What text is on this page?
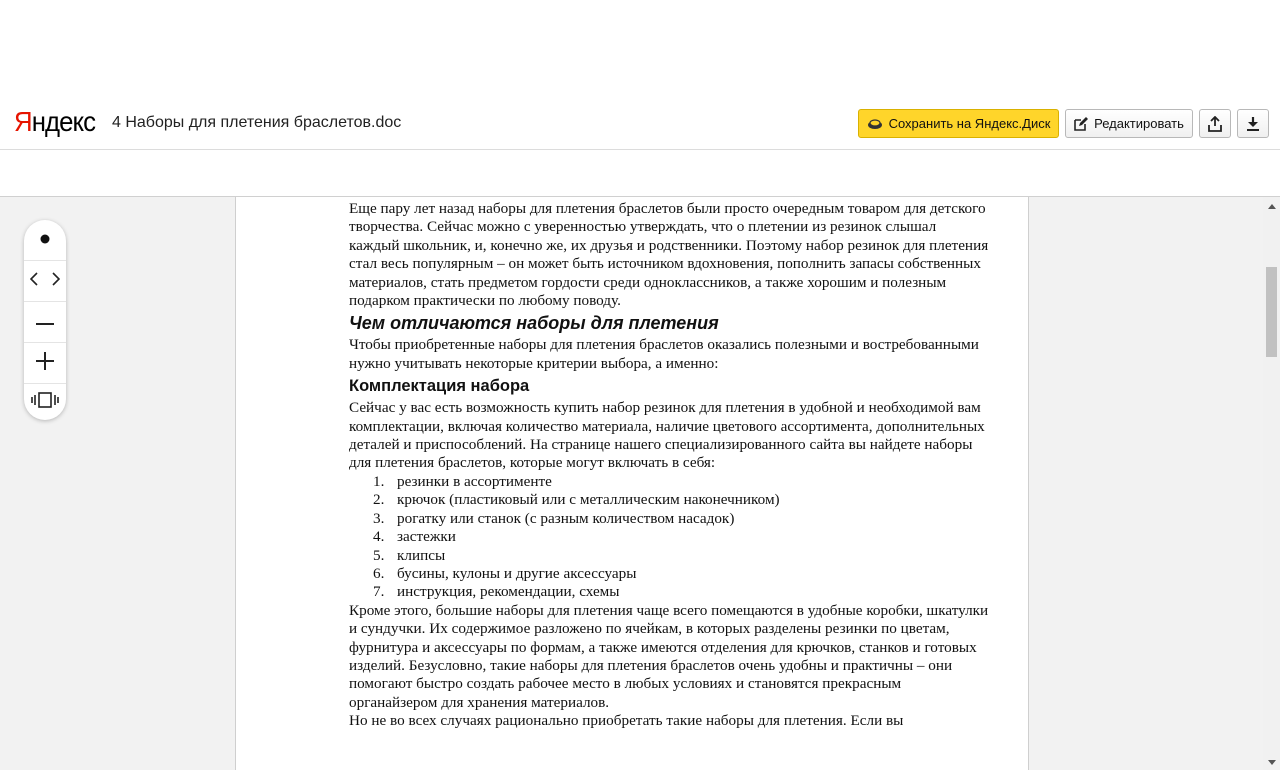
Яндекс 4 Наборы для плетения браслетов.doc	Сохранить на Яндекс.Диск	Редактировать

Еще пару лет назад наборы для плетения браслетов были просто очередным товаром для детского творчества. Сейчас можно с уверенностью утверждать, что о плетении из резинок слышал каждый школьник, и, конечно же, их друзья и родственники. Поэтому набор резинок для плетения стал весь популярным – он может быть источником вдохновения, пополнить запасы собственных материалов, стать предметом гордости среди одноклассников, а также хорошим и полезным подарком практически по любому поводу.

Чем отличаются наборы для плетения

Чтобы приобретенные наборы для плетения браслетов оказались полезными и востребованными нужно учитывать некоторые критерии выбора, а именно:

Комплектация набора

Сейчас у вас есть возможность купить набор резинок для плетения в удобной и необходимой вам комплектации, включая количество материала, наличие цветового ассортимента, дополнительных деталей и приспособлений. На странице нашего специализированного сайта вы найдете наборы для плетения браслетов, которые могут включать в себя:

1. резинки в ассортименте
2. крючок (пластиковый или с металлическим наконечником)
3. рогатку или станок (с разным количеством насадок)
4. застежки
5. клипсы
6. бусины, кулоны и другие аксессуары
7. инструкция, рекомендации, схемы

Кроме этого, большие наборы для плетения чаще всего помещаются в удобные коробки, шкатулки и сундучки. Их содержимое разложено по ячейкам, в которых разделены резинки по цветам, фурнитура и аксессуары по формам, а также имеются отделения для крючков, станков и готовых изделий. Безусловно, такие наборы для плетения браслетов очень удобны и практичны – они помогают быстро создать рабочее место в любых условиях и становятся прекрасным органайзером для хранения материалов.

Но не во всех случаях рационально приобретать такие наборы для плетения. Если вы
